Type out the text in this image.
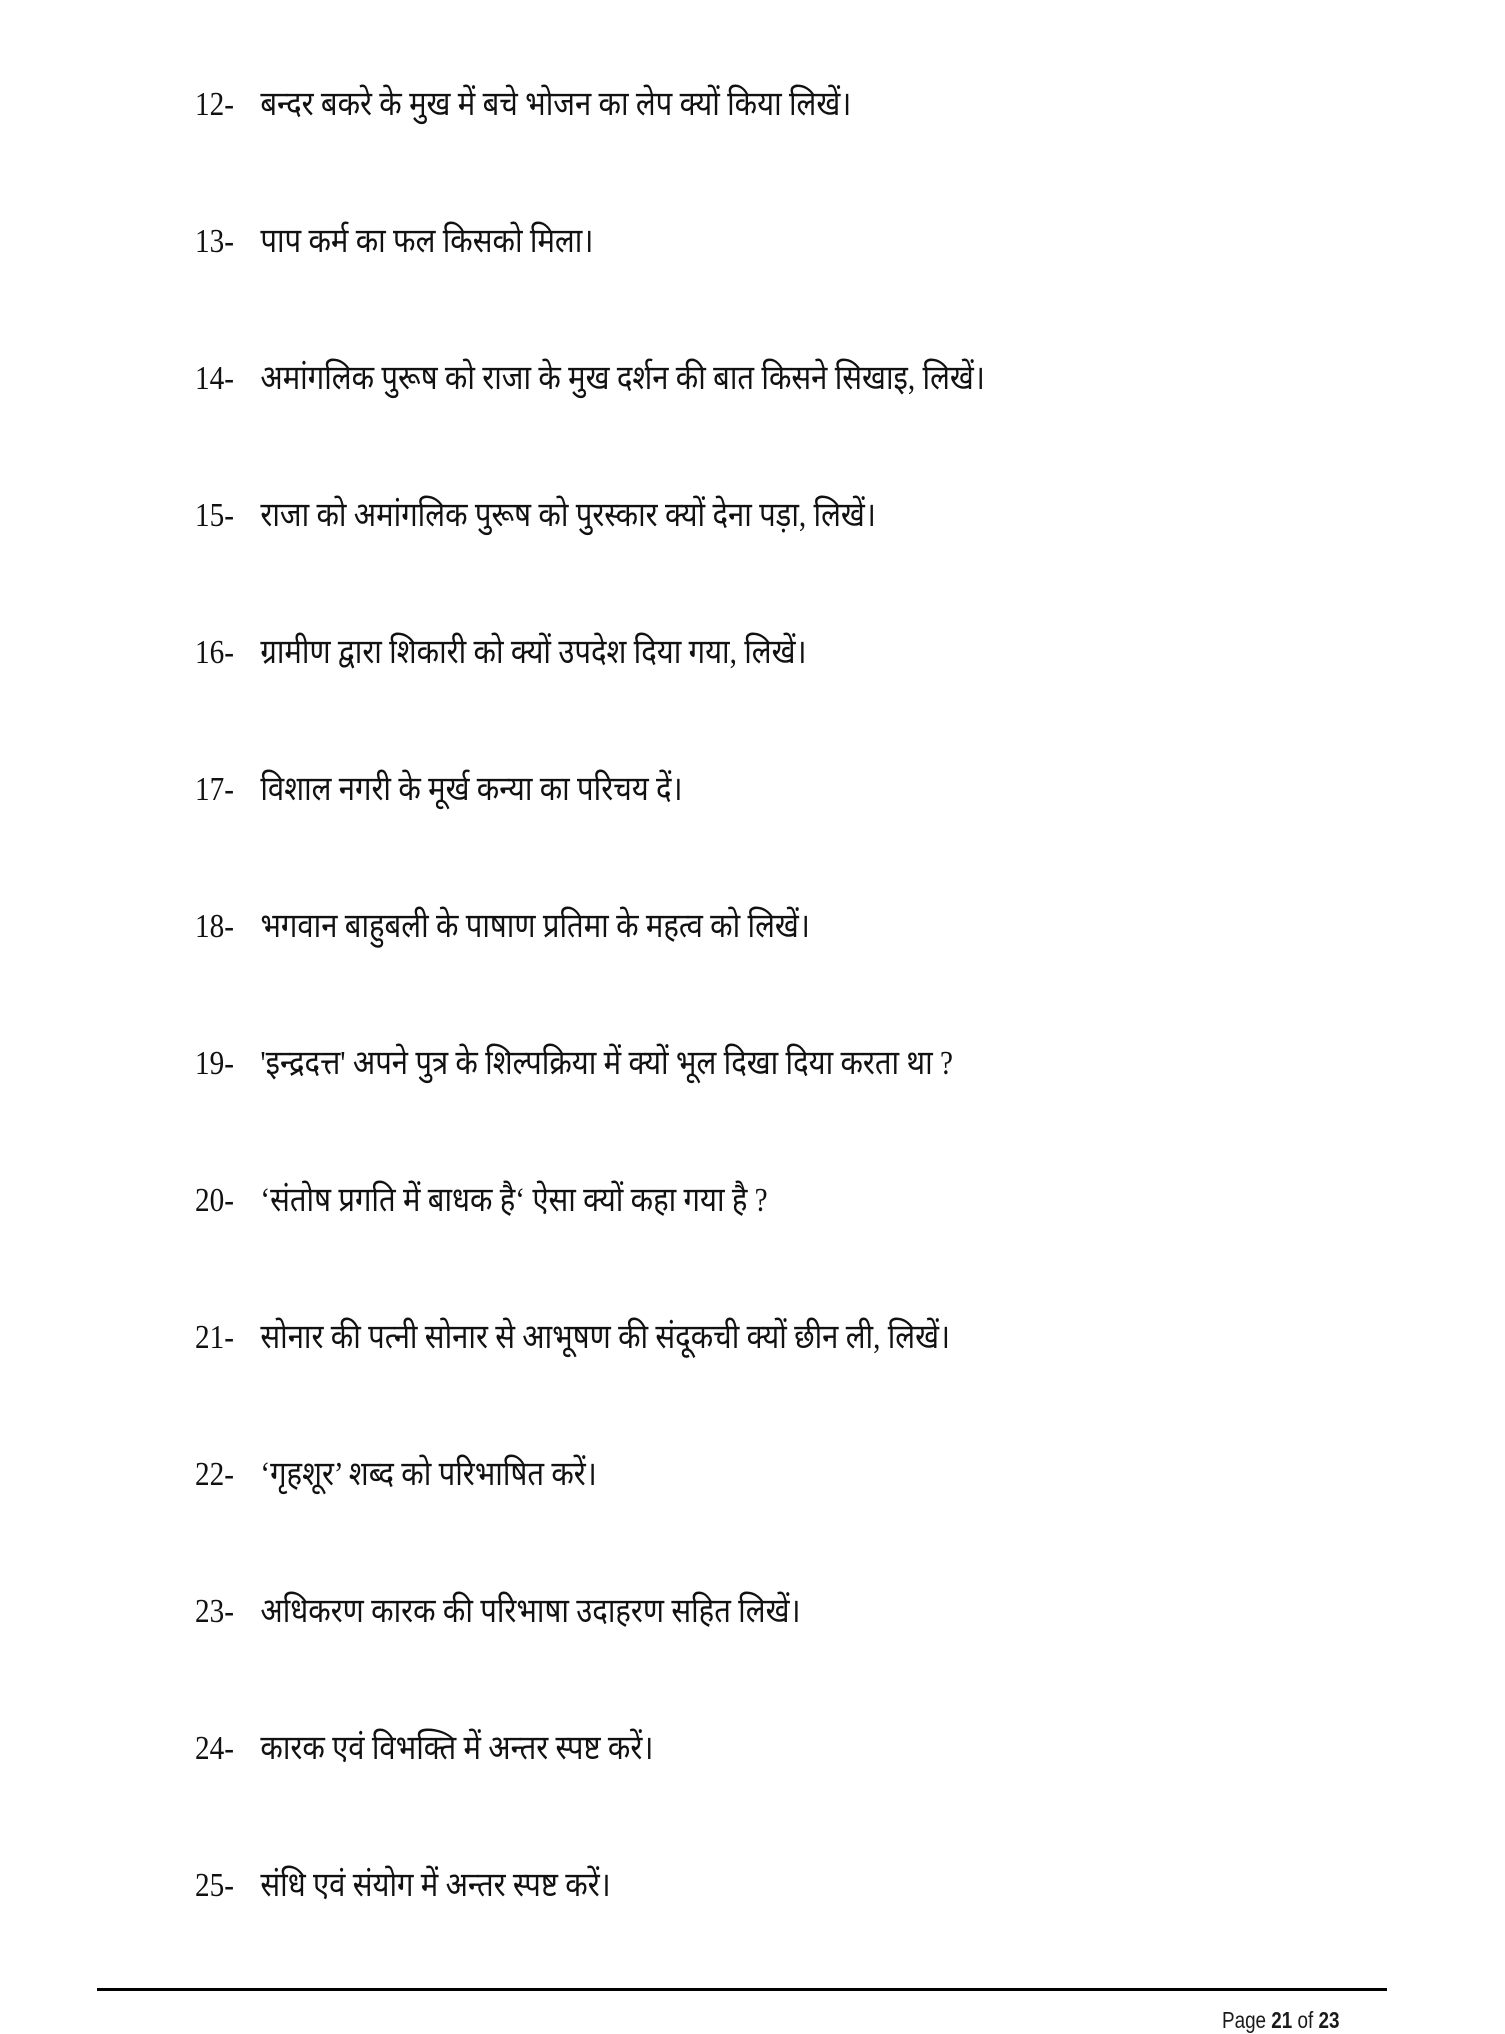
12- बन्दर बकरे के मुख में बचे भोजन का लेप क्यों किया लिखें।
13- पाप कर्म का फल किसको मिला।
14- अमांगलिक पुरूष को राजा के मुख दर्शन की बात किसने सिखाइ, लिखें।
15- राजा को अमांगलिक पुरूष को पुरस्कार क्यों देना पड़ा, लिखें।
16- ग्रामीण द्वारा शिकारी को क्यों उपदेश दिया गया, लिखें।
17- विशाल नगरी के मूर्ख कन्या का परिचय दें।
18- भगवान बाहुबली के पाषाण प्रतिमा के महत्व को लिखें।
19- 'इन्द्रदत्त' अपने पुत्र के शिल्पक्रिया में क्यों भूल दिखा दिया करता था ?
20- ‘संतोष प्रगति में बाधक है‘ ऐसा क्यों कहा गया है ?
21- सोनार की पत्नी सोनार से आभूषण की संदूकची क्यों छीन ली, लिखें।
22- ‘गृहशूर’ शब्द को परिभाषित करें।
23- अधिकरण कारक की परिभाषा उदाहरण सहित लिखें।
24- कारक एवं विभक्ति में अन्तर स्पष्ट करें।
25- संधि एवं संयोग में अन्तर स्पष्ट करें।
Page 21 of 23
